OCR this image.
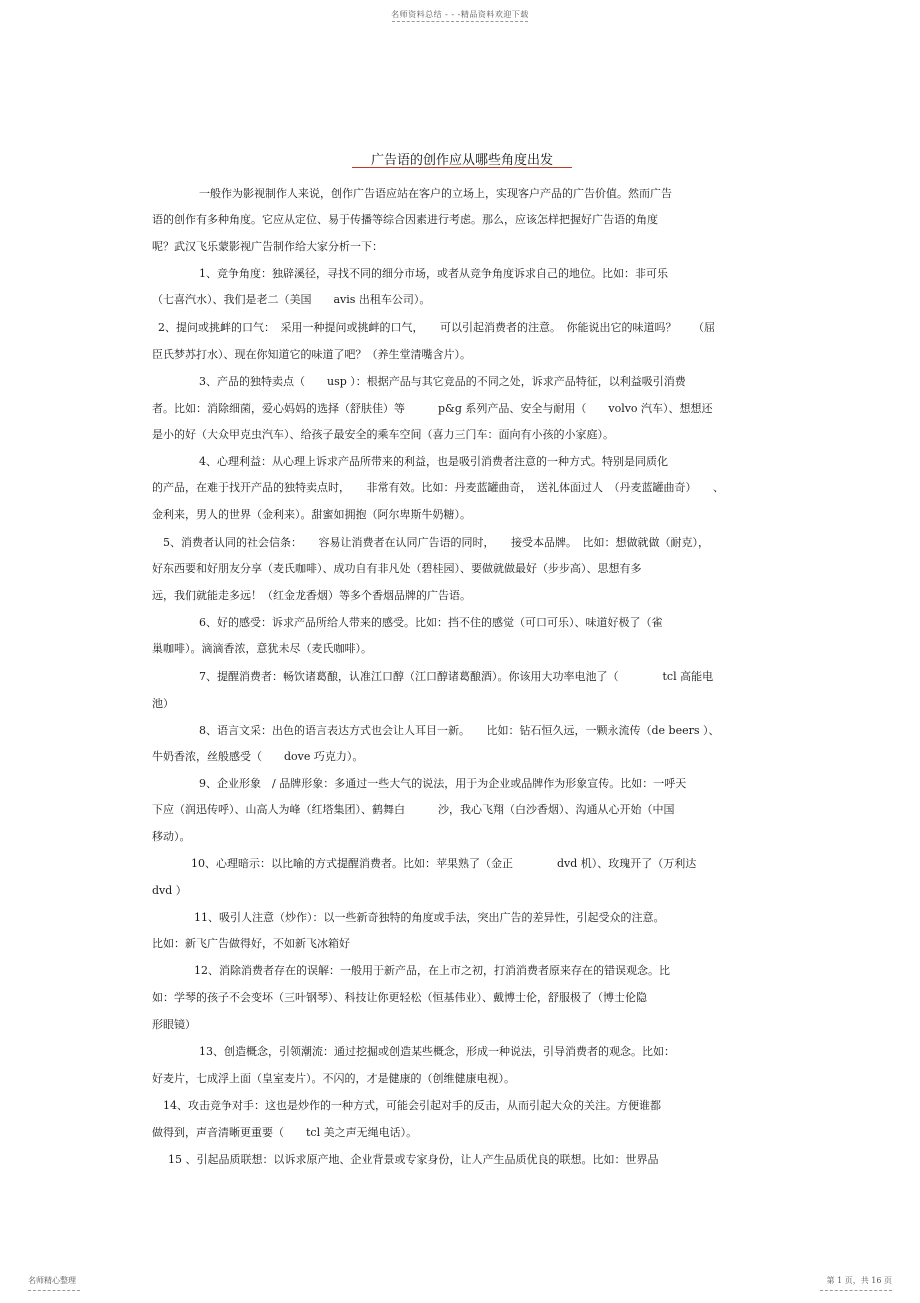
名师资料总结 - - -精品资料欢迎下载
广告语的创作应从哪些角度出发
一般作为影视制作人来说，创作广告语应站在客户的立场上，实现客户产品的广告价值。然而广告
语的创作有多种角度。它应从定位、易于传播等综合因素进行考虑。那么，应该怎样把握好广告语的角度
呢？武汉飞乐蒙影视广告制作给大家分析一下：
1、竞争角度：独辟溪径，寻找不同的细分市场，或者从竞争角度诉求自己的地位。比如：非可乐
（七喜汽水）、我们是老二（美国　　avis 出租车公司）。
2、提问或挑衅的口气：　采用一种提问或挑衅的口气，　　可以引起消费者的注意。　你能说出它的味道吗？　　（屈
臣氏梦苏打水）、现在你知道它的味道了吧？（养生堂清嘴含片）。
3、产品的独特卖点（　　usp ）：根据产品与其它竞品的不同之处，诉求产品特征，以利益吸引消费
者。比如：消除细菌，爱心妈妈的选择（舒肤佳）等　　　p&g 系列产品、安全与耐用（　　volvo 汽车）、想想还
是小的好（大众甲克虫汽车）、给孩子最安全的乘车空间（喜力三门车：面向有小孩的小家庭）。
4、心理利益：从心理上诉求产品所带来的利益，也是吸引消费者注意的一种方式。特别是同质化
的产品，在难于找开产品的独特卖点时，　　非常有效。比如：丹麦蓝罐曲奇，　送礼体面过人　（丹麦蓝罐曲奇）　　、
金利来，男人的世界（金利来）。甜蜜如拥抱（阿尔卑斯牛奶糖）。
5、消费者认同的社会信条：　　容易让消费者在认同广告语的同时，　　接受本品牌。　比如：想做就做（耐克），
好东西要和好朋友分享（麦氏咖啡）、成功自有非凡处（碧桂园）、要做就做最好（步步高）、思想有多
远，我们就能走多远！（红金龙香烟）等多个香烟品牌的广告语。
6、好的感受：诉求产品所给人带来的感受。比如：挡不住的感觉（可口可乐）、味道好极了（雀
巢咖啡）。滴滴香浓，意犹未尽（麦氏咖啡）。
7、提醒消费者：畅饮诸葛酿，认准江口醇（江口醇诸葛酿酒）。你该用大功率电池了（　　　　tcl 高能电
池）
8、语言文采：出色的语言表达方式也会让人耳目一新。　　比如：钻石恒久远，一颗永流传（de beers ）、
牛奶香浓，丝般感受（　　dove 巧克力）。
9、企业形象　/ 品牌形象：多通过一些大气的说法，用于为企业或品牌作为形象宣传。比如：一呼天
下应（润迅传呼）、山高人为峰（红塔集团）、鹤舞白　　　沙，我心飞翔（白沙香烟）、沟通从心开始（中国
移动）。
10、心理暗示：以比喻的方式提醒消费者。比如：苹果熟了（金正　　　　dvd 机）、玫瑰开了（万利达
dvd ）
11、吸引人注意（炒作）：以一些新奇独特的角度或手法，突出广告的差异性，引起受众的注意。
比如：新飞广告做得好，不如新飞冰箱好
12、消除消费者存在的误解：一般用于新产品，在上市之初，打消消费者原来存在的错误观念。比
如：学琴的孩子不会变坏（三叶钢琴）、科技让你更轻松（恒基伟业）、戴博士伦，舒服极了（博士伦隐
形眼镜）
13、创造概念，引领潮流：通过挖掘或创造某些概念，形成一种说法，引导消费者的观念。比如：
好麦片，七成浮上面（皇室麦片）。不闪的，才是健康的（创维健康电视）。
14、攻击竞争对手：这也是炒作的一种方式，可能会引起对手的反击，从而引起大众的关注。方便谁都
做得到，声音清晰更重要（　　tcl 美之声无绳电话）。
15 、引起品质联想：以诉求原产地、企业背景或专家身份，让人产生品质优良的联想。比如：世界品
名师精心整理	第 1 页，共 16 页
